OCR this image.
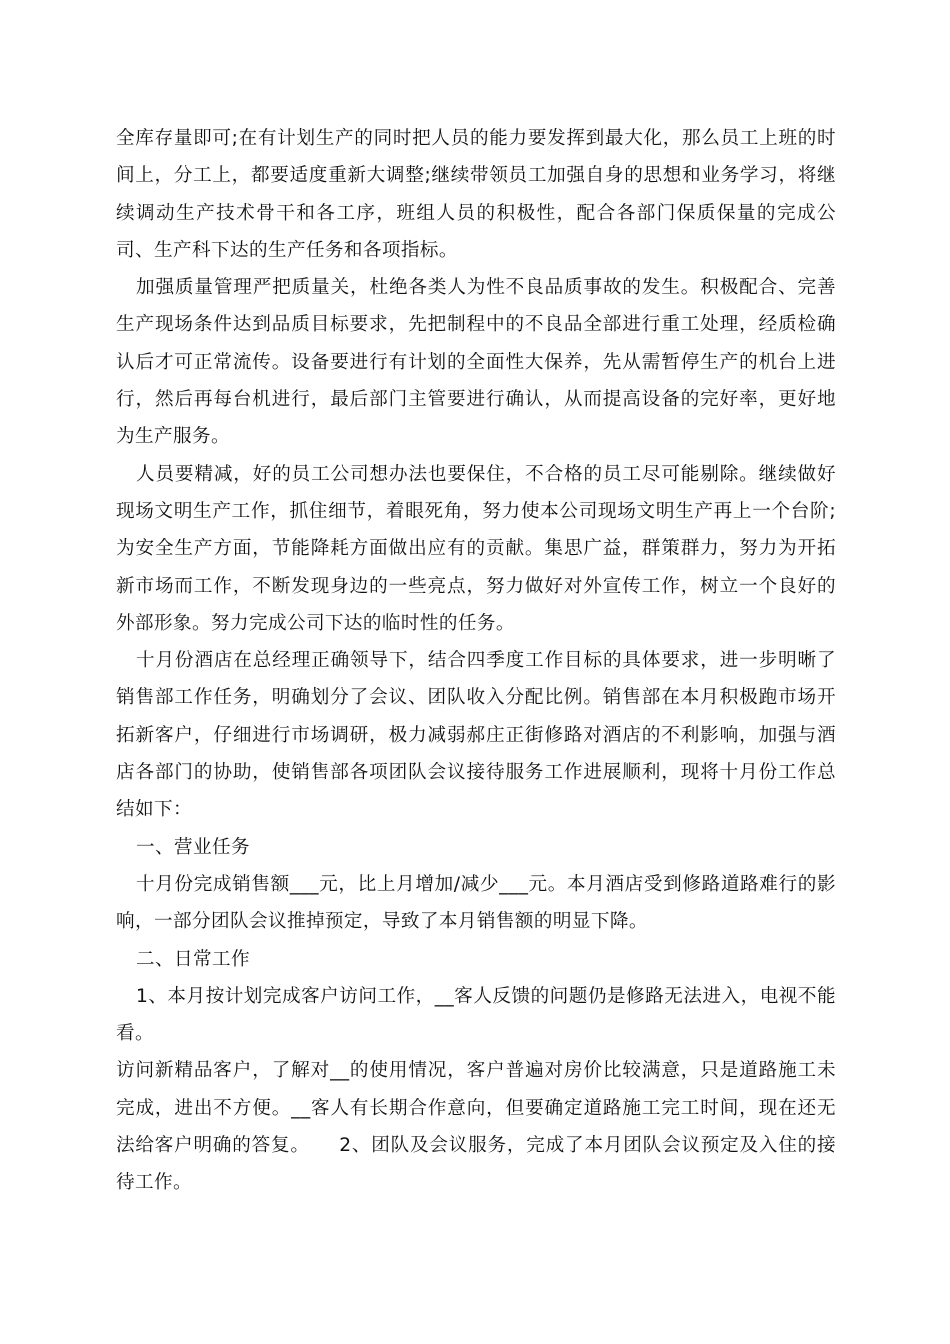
全库存量即可;在有计划生产的同时把人员的能力要发挥到最大化，那么员工上班的时间上，分工上，都要适度重新大调整;继续带领员工加强自身的思想和业务学习，将继续调动生产技术骨干和各工序，班组人员的积极性，配合各部门保质保量的完成公司、生产科下达的生产任务和各项指标。

加强质量管理严把质量关，杜绝各类人为性不良品质事故的发生。积极配合、完善生产现场条件达到品质目标要求，先把制程中的不良品全部进行重工处理，经质检确认后才可正常流传。设备要进行有计划的全面性大保养，先从需暂停生产的机台上进行，然后再每台机进行，最后部门主管要进行确认，从而提高设备的完好率，更好地为生产服务。

人员要精减，好的员工公司想办法也要保住，不合格的员工尽可能剔除。继续做好现场文明生产工作，抓住细节，着眼死角，努力使本公司现场文明生产再上一个台阶;为安全生产方面，节能降耗方面做出应有的贡献。集思广益，群策群力，努力为开拓新市场而工作，不断发现身边的一些亮点，努力做好对外宣传工作，树立一个良好的外部形象。努力完成公司下达的临时性的任务。

十月份酒店在总经理正确领导下，结合四季度工作目标的具体要求，进一步明晰了销售部工作任务，明确划分了会议、团队收入分配比例。销售部在本月积极跑市场开拓新客户，仔细进行市场调研，极力减弱郝庄正街修路对酒店的不利影响，加强与酒店各部门的协助，使销售部各项团队会议接待服务工作进展顺利，现将十月份工作总结如下：

一、营业任务

十月份完成销售额___元，比上月增加/减少___元。本月酒店受到修路道路难行的影响，一部分团队会议推掉预定，导致了本月销售额的明显下降。

二、日常工作

1、本月按计划完成客户访问工作，__客人反馈的问题仍是修路无法进入，电视不能看。

访问新精品客户，了解对__的使用情况，客户普遍对房价比较满意，只是道路施工未完成，进出不方便。__客人有长期合作意向，但要确定道路施工完工时间，现在还无法给客户明确的答复。　　2、团队及会议服务，完成了本月团队会议预定及入住的接待工作。
